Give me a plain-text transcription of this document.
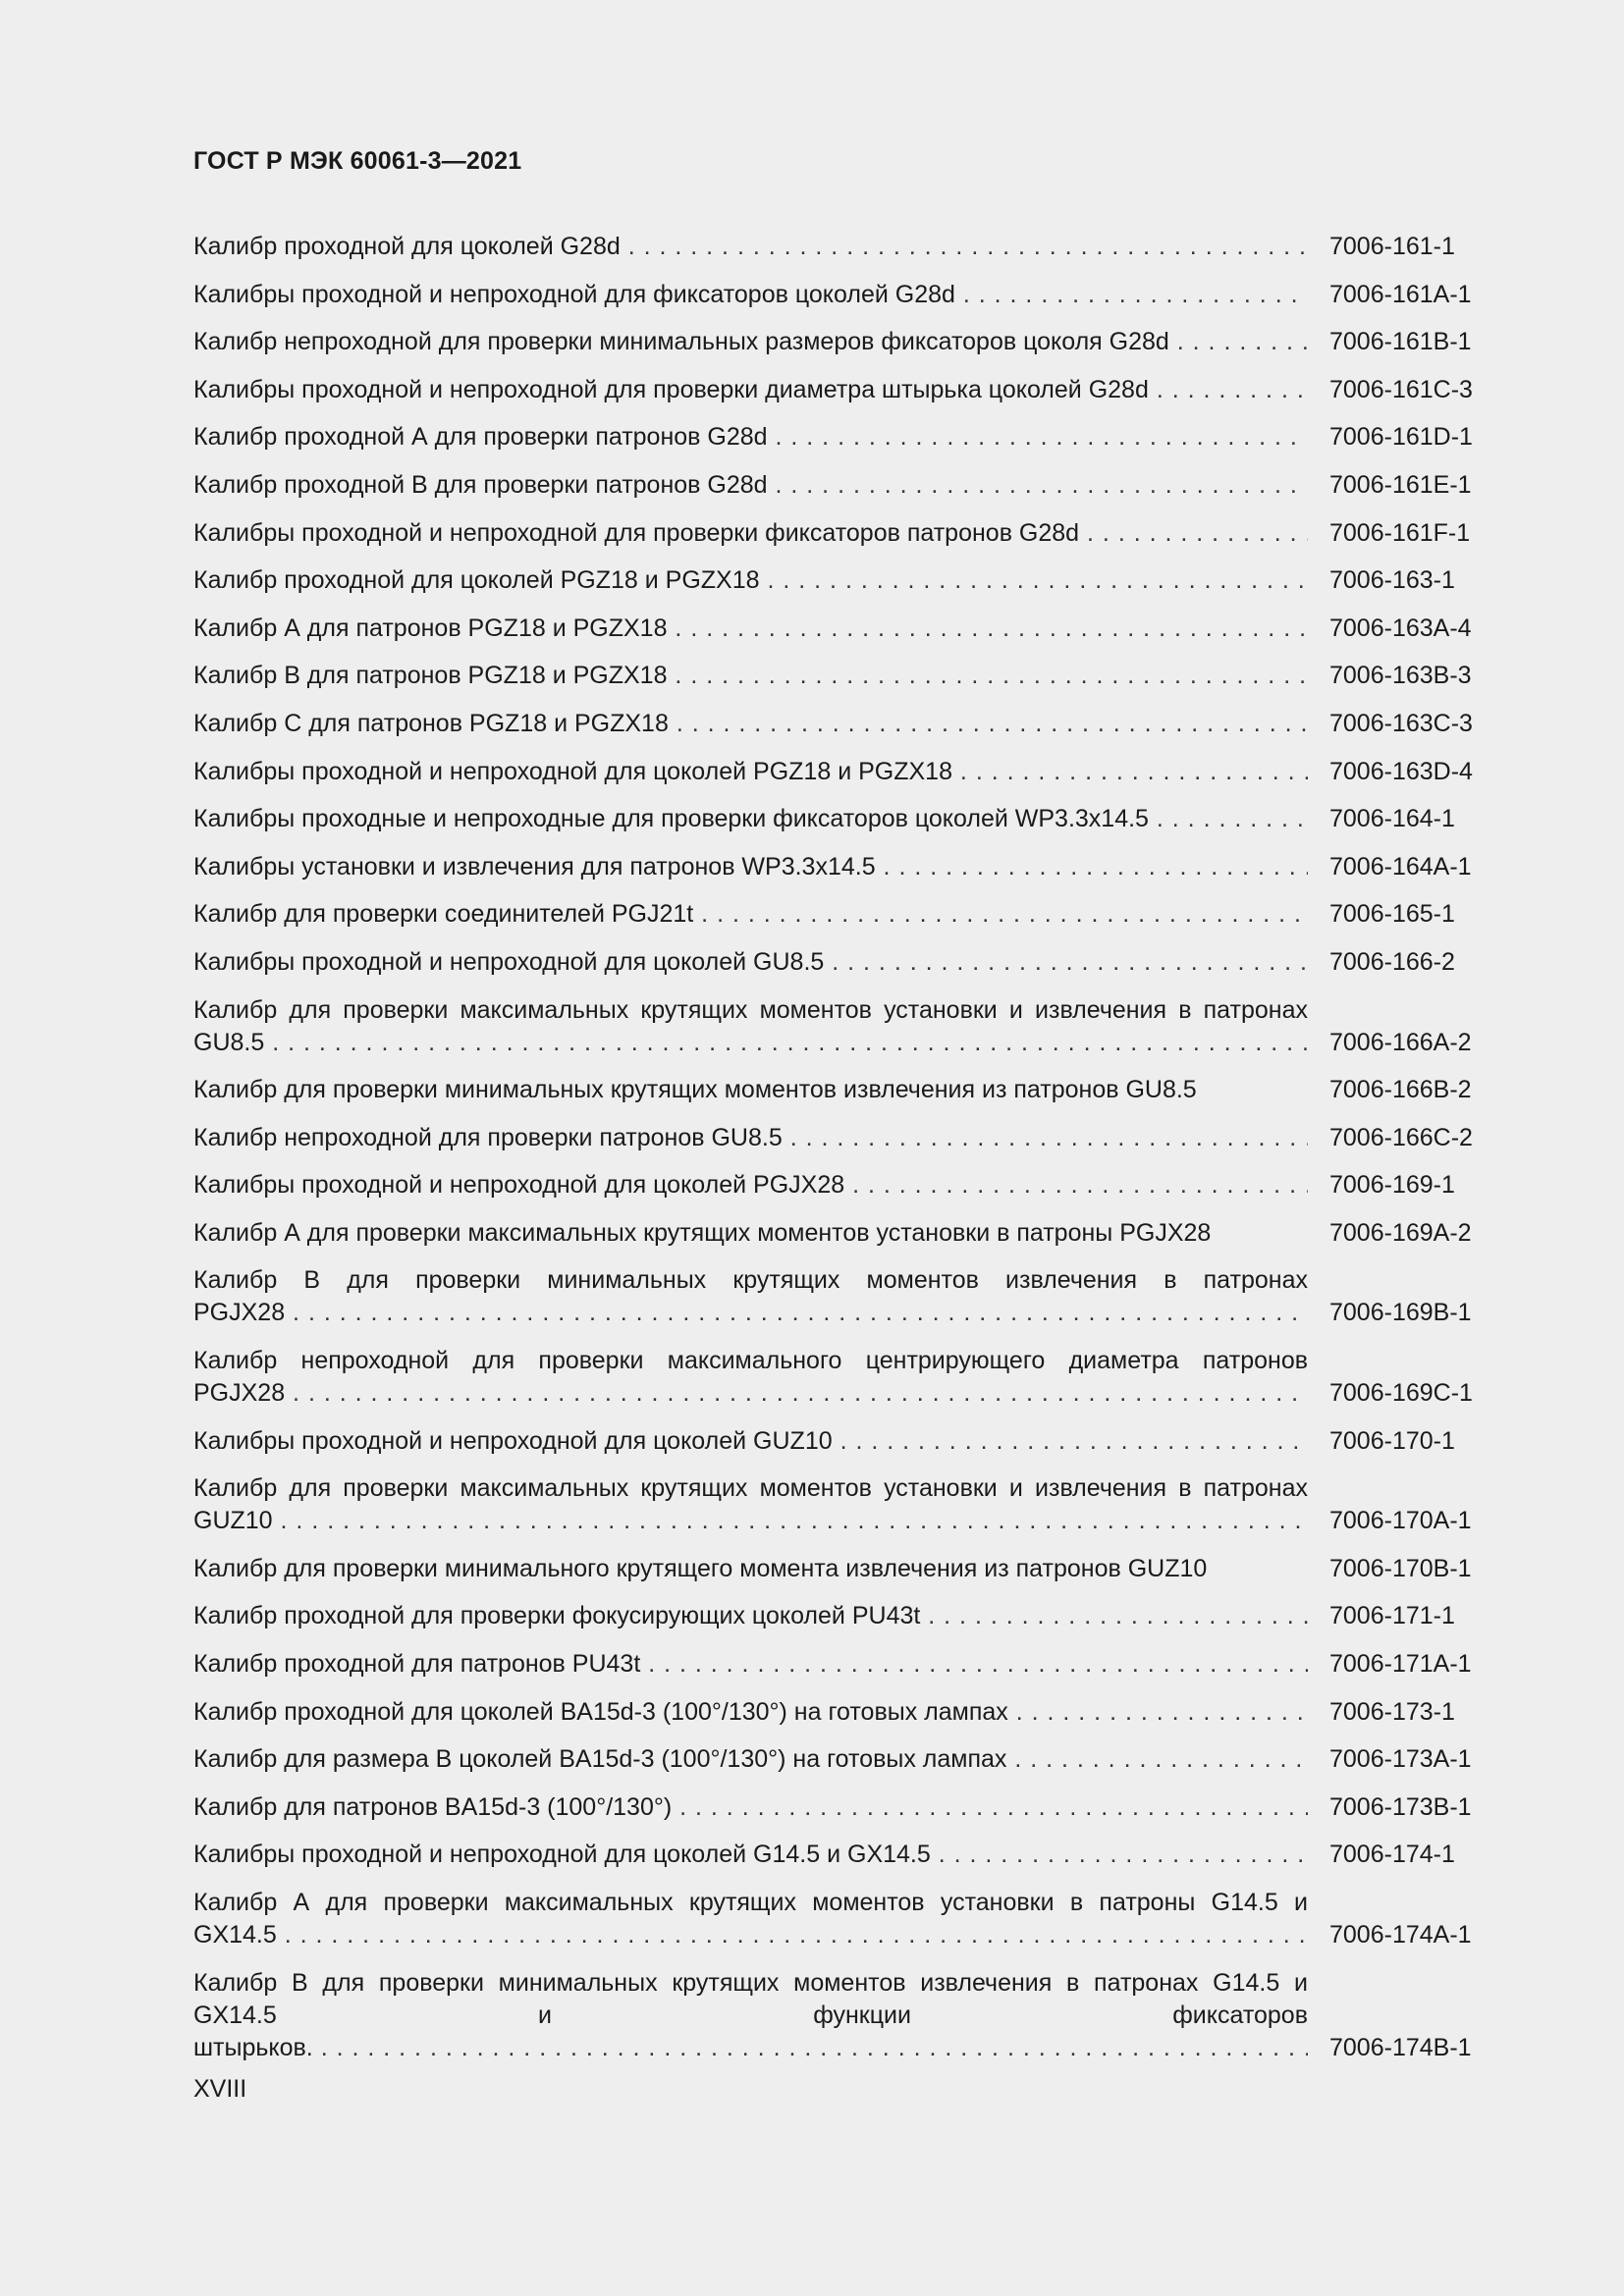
ГОСТ Р МЭК 60061-3—2021
Калибр проходной для цоколей G28d . . .	7006-161-1
Калибры проходной и непроходной для фиксаторов цоколей G28d . . .	7006-161A-1
Калибр непроходной для проверки минимальных размеров фиксаторов цоколя G28d . . .	7006-161B-1
Калибры проходной и непроходной для проверки диаметра штырька цоколей G28d . . .	7006-161C-3
Калибр проходной А для проверки патронов G28d . . .	7006-161D-1
Калибр проходной В для проверки патронов G28d . . .	7006-161E-1
Калибры проходной и непроходной для проверки фиксаторов патронов G28d . . .	7006-161F-1
Калибр проходной для цоколей PGZ18 и PGZX18 . . .	7006-163-1
Калибр А для патронов PGZ18 и PGZX18 . . .	7006-163A-4
Калибр В для патронов PGZ18 и PGZX18 . . .	7006-163B-3
Калибр С для патронов PGZ18 и PGZX18 . . .	7006-163C-3
Калибры проходной и непроходной для цоколей PGZ18 и PGZX18 . . .	7006-163D-4
Калибры проходные и непроходные для проверки фиксаторов цоколей WP3.3x14.5 . . .	7006-164-1
Калибры установки и извлечения для патронов WP3.3x14.5 . . .	7006-164A-1
Калибр для проверки соединителей PGJ21t . . .	7006-165-1
Калибры проходной и непроходной для цоколей GU8.5 . . .	7006-166-2
Калибр для проверки максимальных крутящих моментов установки и извлечения в патронах GU8.5 . . .	7006-166A-2
Калибр для проверки минимальных крутящих моментов извлечения из патронов GU8.5	7006-166B-2
Калибр непроходной для проверки патронов GU8.5 . . .	7006-166C-2
Калибры проходной и непроходной для цоколей PGJX28 . . .	7006-169-1
Калибр А для проверки максимальных крутящих моментов установки в патроны PGJX28	7006-169A-2
Калибр В для проверки минимальных крутящих моментов извлечения в патронах PGJX28 . . .	7006-169B-1
Калибр непроходной для проверки максимального центрирующего диаметра патронов PGJX28 . . .	7006-169C-1
Калибры проходной и непроходной для цоколей GUZ10 . . .	7006-170-1
Калибр для проверки максимальных крутящих моментов установки и извлечения в патронах GUZ10 . . .	7006-170A-1
Калибр для проверки минимального крутящего момента извлечения из патронов GUZ10	7006-170B-1
Калибр проходной для проверки фокусирующих цоколей PU43t . . .	7006-171-1
Калибр проходной для патронов PU43t . . .	7006-171A-1
Калибр проходной для цоколей BA15d-3 (100°/130°) на готовых лампах . . .	7006-173-1
Калибр для размера В цоколей BA15d-3 (100°/130°) на готовых лампах . . .	7006-173A-1
Калибр для патронов BA15d-3 (100°/130°) . . .	7006-173B-1
Калибры проходной и непроходной для цоколей G14.5 и GX14.5 . . .	7006-174-1
Калибр А для проверки максимальных крутящих моментов установки в патроны G14.5 и GX14.5 . . .	7006-174A-1
Калибр В для проверки минимальных крутящих моментов извлечения в патронах G14.5 и GX14.5 и функции фиксаторов штырьков. . . .	7006-174B-1
XVIII
